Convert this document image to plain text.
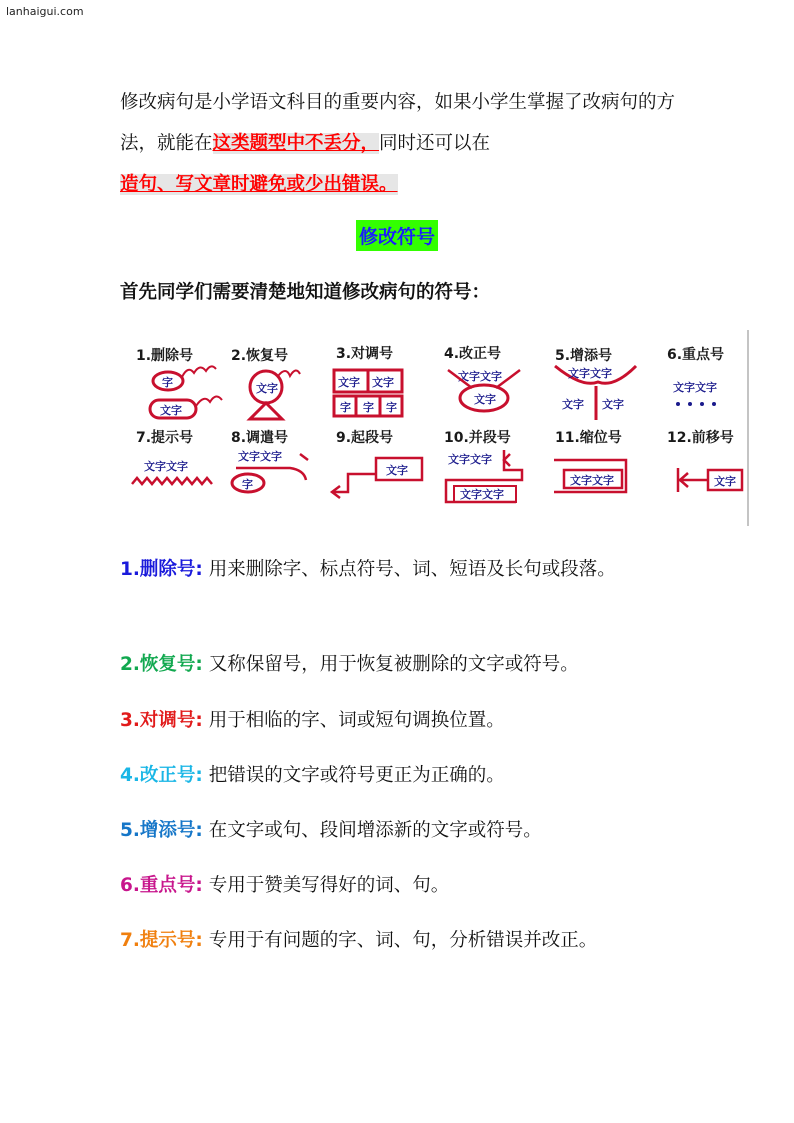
lanhaigui.com
修改病句是小学语文科目的重要内容，如果小学生掌握了改病句的方法，就能在这类题型中不丢分，同时还可以在
造句、写文章时避免或少出错误。
修改符号
首先同学们需要清楚地知道修改病句的符号：
1.删除号	2.恢复号	3.对调号	4.改正号	5.增添号	6.重点号
7.提示号	8.调遣号	9.起段号	10.并段号	11.缩位号	12.前移号
字
文字
文字	文字 文字
字 字 字
文字文字
文字
文字文字
文字 文字
文字文字
文字文字
文字文字
字
文字
文字文字
文字文字
文字文字	文字
1.删除号: 用来删除字、标点符号、词、短语及长句或段落。
2.恢复号: 又称保留号，用于恢复被删除的文字或符号。
3.对调号: 用于相临的字、词或短句调换位置。
4.改正号: 把错误的文字或符号更正为正确的。
5.增添号: 在文字或句、段间增添新的文字或符号。
6.重点号: 专用于赞美写得好的词、句。
7.提示号: 专用于有问题的字、词、句，分析错误并改正。
